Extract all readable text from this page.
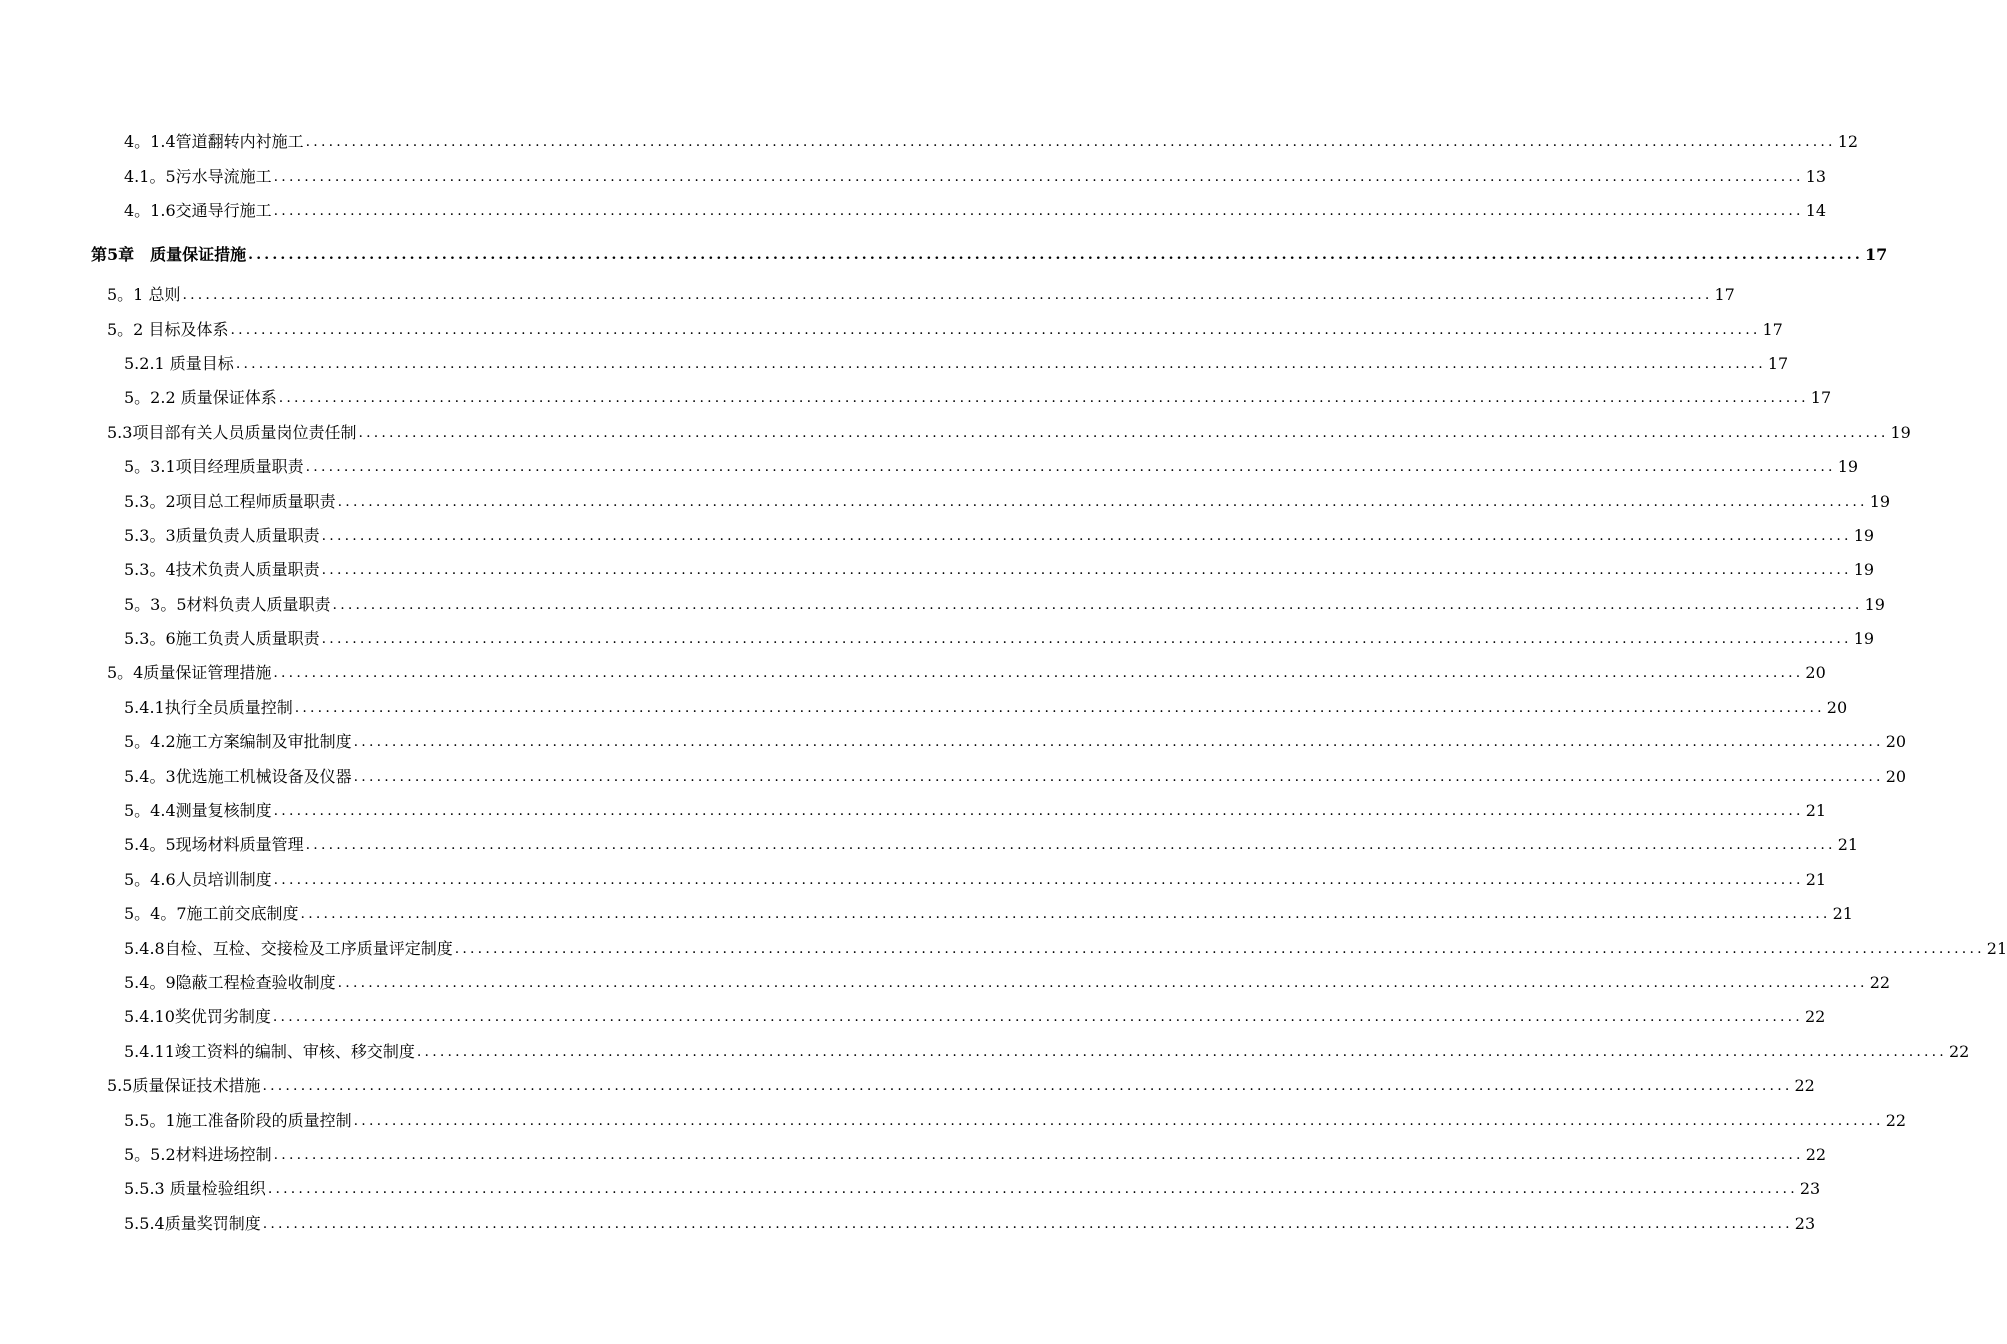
4。1.4管道翻转内衬施工 ........................................................................................................................................................................................................ 12
4.1。5污水导流施工 ........................................................................................................................................................................................................ 13
4。1.6交通导行施工 ........................................................................................................................................................................................................ 14
第5章　质量保证措施 ........................................................................................................................................................................................................ 17
5。1 总则 ........................................................................................................................................................................................................ 17
5。2 目标及体系 ........................................................................................................................................................................................................ 17
5.2.1 质量目标 ........................................................................................................................................................................................................ 17
5。2.2 质量保证体系 ........................................................................................................................................................................................................ 17
5.3项目部有关人员质量岗位责任制 ........................................................................................................................................................................................................ 19
5。3.1项目经理质量职责 ........................................................................................................................................................................................................ 19
5.3。2项目总工程师质量职责 ........................................................................................................................................................................................................ 19
5.3。3质量负责人质量职责 ........................................................................................................................................................................................................ 19
5.3。4技术负责人质量职责 ........................................................................................................................................................................................................ 19
5。3。5材料负责人质量职责 ........................................................................................................................................................................................................ 19
5.3。6施工负责人质量职责 ........................................................................................................................................................................................................ 19
5。4质量保证管理措施 ........................................................................................................................................................................................................ 20
5.4.1执行全员质量控制 ........................................................................................................................................................................................................ 20
5。4.2施工方案编制及审批制度 ........................................................................................................................................................................................................ 20
5.4。3优选施工机械设备及仪器 ........................................................................................................................................................................................................ 20
5。4.4测量复核制度 ........................................................................................................................................................................................................ 21
5.4。5现场材料质量管理 ........................................................................................................................................................................................................ 21
5。4.6人员培训制度 ........................................................................................................................................................................................................ 21
5。4。7施工前交底制度 ........................................................................................................................................................................................................ 21
5.4.8自检、互检、交接检及工序质量评定制度 ........................................................................................................................................................................................................ 21
5.4。9隐蔽工程检查验收制度 ........................................................................................................................................................................................................ 22
5.4.10奖优罚劣制度 ........................................................................................................................................................................................................ 22
5.4.11竣工资料的编制、审核、移交制度 ........................................................................................................................................................................................................ 22
5.5质量保证技术措施 ........................................................................................................................................................................................................ 22
5.5。1施工准备阶段的质量控制 ........................................................................................................................................................................................................ 22
5。5.2材料进场控制 ........................................................................................................................................................................................................ 22
5.5.3 质量检验组织 ........................................................................................................................................................................................................ 23
5.5.4质量奖罚制度 ........................................................................................................................................................................................................ 23
